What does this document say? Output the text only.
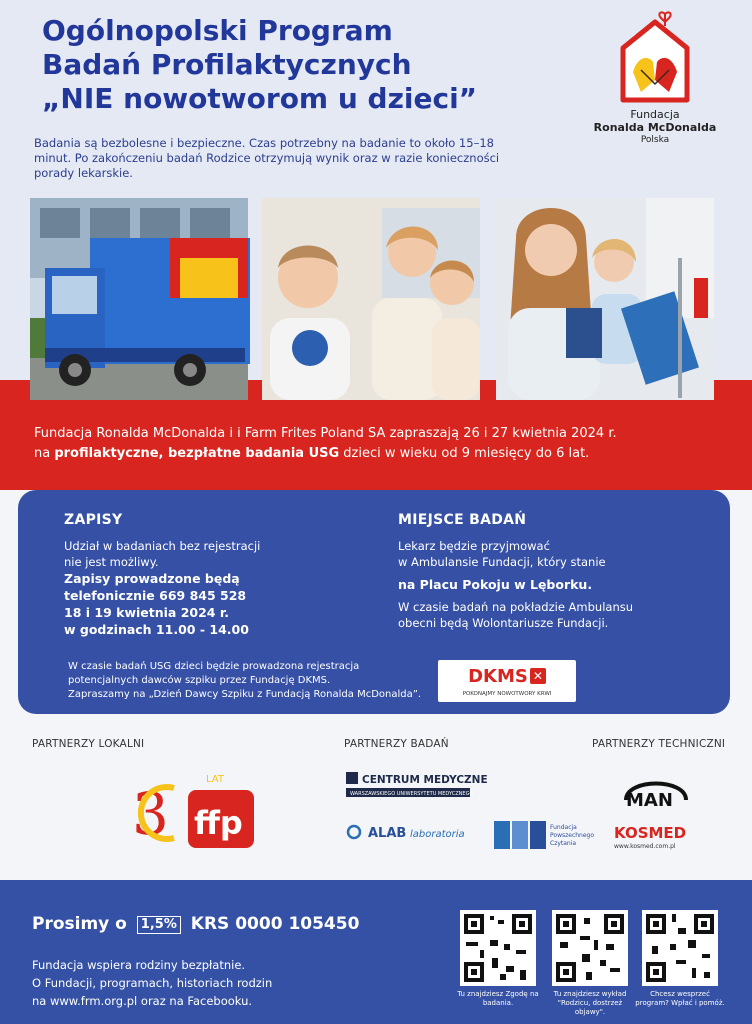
Ogólnopolski Program
Badań Profilaktycznych
„NIE nowotworom u dzieci”
Badania są bezbolesne i bezpieczne. Czas potrzebny na badanie to około 15–18 minut. Po zakończeniu badań Rodzice otrzymują wynik oraz w razie konieczności porady lekarskie.
Fundacja
Ronalda McDonalda
Polska
Fundacja Ronalda McDonalda i i Farm Frites Poland SA zapraszają 26 i 27 kwietnia 2024 r.
na profilaktyczne, bezpłatne badania USG dzieci w wieku od 9 miesięcy do 6 lat.
ZAPISY
Udział w badaniach bez rejestracji
nie jest możliwy.
Zapisy prowadzone będą
telefonicznie 669 845 528
18 i 19 kwietnia 2024 r.
w godzinach 11.00 - 14.00
MIEJSCE BADAŃ
Lekarz będzie przyjmować
w Ambulansie Fundacji, który stanie
na Placu Pokoju w Lęborku.
W czasie badań na pokładzie Ambulansu
obecni będą Wolontariusze Fundacji.
W czasie badań USG dzieci będzie prowadzona rejestracja
potencjalnych dawców szpiku przez Fundację DKMS.
Zapraszamy na „Dzień Dawcy Szpiku z Fundacją Ronalda McDonalda”.
DKMS ✕
POKONAJMY NOWOTWORY KRWI
PARTNERZY LOKALNI	PARTNERZY BADAŃ	PARTNERZY TECHNICZNI
3 ffp
LAT	CENTRUM MEDYCZNE
WARSZAWSKIEGO UNIWERSYTETU MEDYCZNEGO
ALAB laboratoria
Fundacja
Powszechnego
Czytania
MAN
KOSMED
www.kosmed.com.pl
Prosimy o 1,5% KRS 0000 105450
Fundacja wspiera rodziny bezpłatnie.
O Fundacji, programach, historiach rodzin
na www.frm.org.pl oraz na Facebooku.	Tu znajdziesz Zgodę na badania.
Tu znajdziesz wykład "Rodzicu, dostrzeż objawy".
Chcesz wesprzeć program? Wpłać i pomóż.
